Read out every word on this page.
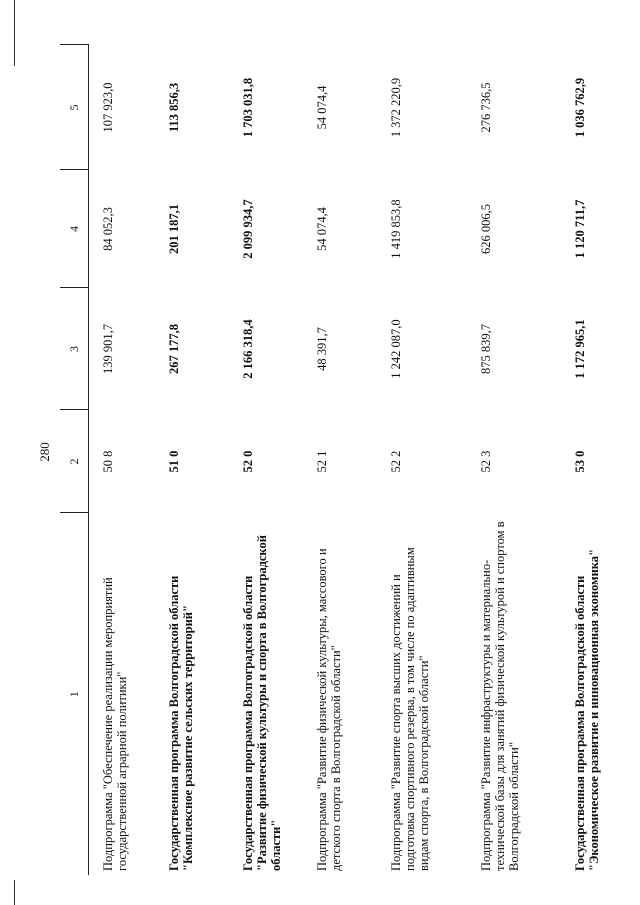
280
1	2	3	4	5
Подпрограмма "Обеспечение реализации мероприятий государственной аграрной политики"	50 8	139 901,7	84 052,3	107 923,0
Государственная программа Волгоградской области "Комплексное развитие сельских территорий"	51 0	267 177,8	201 187,1	113 856,3
Государственная программа Волгоградской области "Развитие физической культуры и спорта в Волгоградской области"	52 0	2 166 318,4	2 099 934,7	1 703 031,8
Подпрограмма "Развитие физической культуры, массового и детского спорта в Волгоградской области"	52 1	48 391,7	54 074,4	54 074,4
Подпрограмма "Развитие спорта высших достижений и подготовка спортивного резерва, в том числе по адаптивным видам спорта, в Волгоградской области"	52 2	1 242 087,0	1 419 853,8	1 372 220,9
Подпрограмма "Развитие инфраструктуры и материально-технической базы для занятий физической культурой и спортом в Волгоградской области"	52 3	875 839,7	626 006,5	276 736,5
Государственная программа Волгоградской области "Экономическое развитие и инновационная экономика"	53 0	1 172 965,1	1 120 711,7	1 036 762,9
